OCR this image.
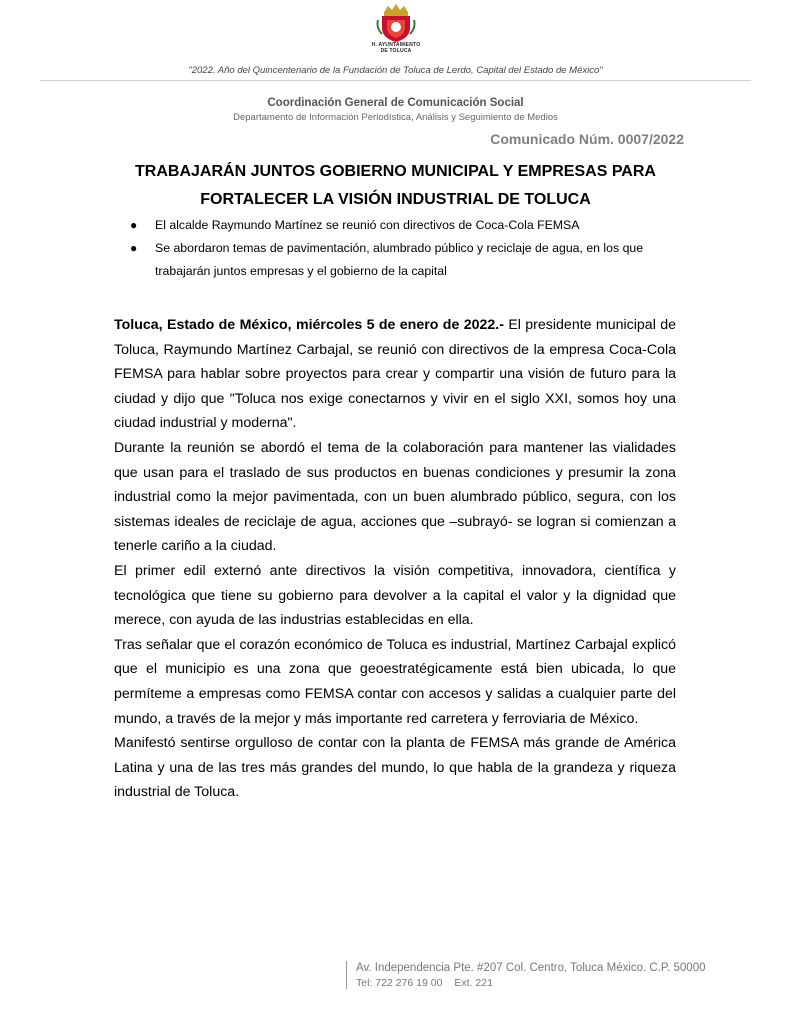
H. AYUNTAMIENTO
DE TOLUCA
"2022. Año del Quincentenario de la Fundación de Toluca de Lerdo, Capital del Estado de México"
Coordinación General de Comunicación Social
Departamento de Información Periodística, Análisis y Seguimiento de Medios
Comunicado Núm. 0007/2022
TRABAJARÁN JUNTOS GOBIERNO MUNICIPAL Y EMPRESAS PARA
FORTALECER LA VISIÓN INDUSTRIAL DE TOLUCA
● El alcalde Raymundo Martínez se reunió con directivos de Coca-Cola FEMSA
● Se abordaron temas de pavimentación, alumbrado público y reciclaje de agua, en los que trabajarán juntos empresas y el gobierno de la capital

Toluca, Estado de México, miércoles 5 de enero de 2022.- El presidente municipal de Toluca, Raymundo Martínez Carbajal, se reunió con directivos de la empresa Coca-Cola FEMSA para hablar sobre proyectos para crear y compartir una visión de futuro para la ciudad y dijo que "Toluca nos exige conectarnos y vivir en el siglo XXI, somos hoy una ciudad industrial y moderna".

Durante la reunión se abordó el tema de la colaboración para mantener las vialidades que usan para el traslado de sus productos en buenas condiciones y presumir la zona industrial como la mejor pavimentada, con un buen alumbrado público, segura, con los sistemas ideales de reciclaje de agua, acciones que –subrayó- se logran si comienzan a tenerle cariño a la ciudad.

El primer edil externó ante directivos la visión competitiva, innovadora, científica y tecnológica que tiene su gobierno para devolver a la capital el valor y la dignidad que merece, con ayuda de las industrias establecidas en ella.

Tras señalar que el corazón económico de Toluca es industrial, Martínez Carbajal explicó que el municipio es una zona que geoestratégicamente está bien ubicada, lo que permíteme a empresas como FEMSA contar con accesos y salidas a cualquier parte del mundo, a través de la mejor y más importante red carretera y ferroviaria de México.

Manifestó sentirse orgulloso de contar con la planta de FEMSA más grande de América Latina y una de las tres más grandes del mundo, lo que habla de la grandeza y riqueza industrial de Toluca.

Av. Independencia Pte. #207 Col. Centro, Toluca México. C.P. 50000
Tel: 722 276 19 00 Ext. 221
